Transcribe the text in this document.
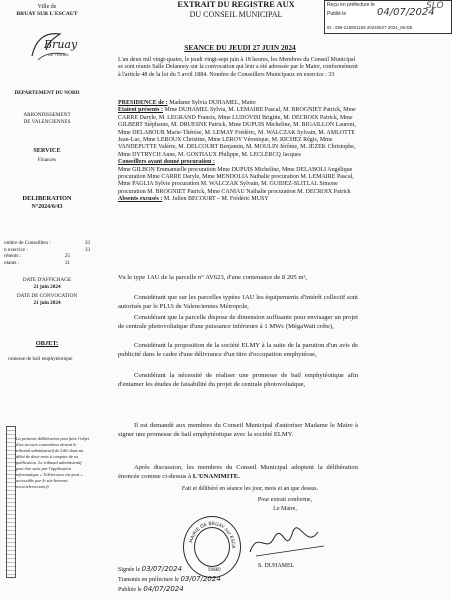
EXTRAIT DU REGISTRE AUX
DU CONSEIL MUNICIPAL
Reçu en préfecture le
Publié le	04/07/2024
SLO
ID : 059-215901193-20240627-2024_06-DE
Ville de
BRUAY SUR L'ESCAUT
Bruay
sur l'Escaut
DEPARTEMENT DU NORD
ARRONDISSEMENT
DE VALENCIENNES
SERVICE
Finances
DELIBERATION
N°2024/6/43
ombre de Conseillers :	33
n exercice :	33
résents :	25
otants :	31
DATE D'AFFICHAGE
21 juin 2024
DATE DE CONVOCATION
21 juin 2024
OBJET:
romesse de bail emphytéotique
La présente délibération peut faire l'objet d'un recours contentieux devant le tribunal administratif de Lille dans un délai de deux mois à compter de sa publication. Le tribunal administratif peut être saisi par l'application informatique « Télérecours citoyens » accessible par le site Internet www.telerecours.fr
SEANCE DU JEUDI 27 JUIN 2024
L'an deux mil vingt-quatre, le jeudi vingt-sept juin à 18 heures, les Membres du Conseil Municipal se sont réunis Salle Delannoy sur la convocation qui leur a été adressée par le Maire, conformément à l'article 48 de la loi du 5 avril 1884. Nombre de Conseillers Municipaux en exercice : 33
PRESIDENCE de : Madame Sylvia DUHAMEL, Maire
Etaient présents : Mme DUHAMEL Sylvia, M. LEMAIRE Pascal, M. BROGNIET Patrick, Mme CARRE Daryle, M. LEGRAND Francis, Mme LUDOVISI Brigitte, M. DECROIX Patrick, Mme GILBERT Stéphanie, M. DRUESNE Patrick, Mme DUPUIS Micheline, M. BIGAILLON Laurent, Mme DELABOUR Marie-Thérèse, M. LEMAY Frédéric, M. WALCZAK Sylvain, M. AMLOTTE Jean-Luc, Mme LEROUX Christine, Mme LEROY Véronique, M. RICHEZ Régis, Mme VANDEPUTTE Valérie, M. DELCOURT Benjamin, M. MOULIN Jérôme, M. JEZEK Christophe, Mme DYTRYCH Anne, M. GOSTIAUX Philippe, M. LECLERCQ Jacques
Conseillers ayant donné procuration :
Mme GILBON Emmanuelle procuration Mme DUPUIS Micheline, Mme DELABOLI Angélique procuration Mme CARRE Daryle, Mme MENDOLIA Nathalie procuration M. LEMAIRE Pascal, Mme PAGLIA Sylvie procuration M. WALCZAK Sylvain, M. GUIDEZ-SLITLAL Simone procuration M. BROGNIET Patrick, Mme CANIAU Nathalie procuration M. DECROIX Patrick
Absents excusés : M. Julien BECOURT – M. Frédéric MUSY
Vu le type 1AU de la parcelle n° AV623, d'une contenance de 8 205 m²,
Considérant que sur les parcelles typées 1AU les équipements d'intérêt collectif sont autorisés par le PLUi de Valenciennes Métropole,
Considérant que la parcelle dispose de dimension suffisante pour envisager un projet de centrale photovoltaïque d'une puissance inférieure à 1 MWc (MégaWatt crête),
Considérant la proposition de la société ELMY à la suite de la parution d'un avis de publicité dans le cadre d'une délivrance d'un titre d'occupation emphytéose,
Considérant la nécessité de réaliser une promesse de bail emphytéotique afin d'entamer les études de faisabilité du projet de centrale photovoltaïque,
Il est demandé aux membres du Conseil Municipal d'autoriser Madame le Maire à signer une promesse de bail emphytéotique avec la société ELMY.
Après discussion, les membres du Conseil Municipal adoptent la délibération énoncée comme ci-dessus à L'UNANIMITE.
Fait et délibéré en séance les jour, mois et an que dessus.
Pour extrait conforme,
Le Maire,
MAIRIE DE BRUAY sur ESCA
59860
S. DUHAMEL
Signée le 03/07/2024
Transmis en préfecture le 03/07/2024
Publiée le 04/07/2024
